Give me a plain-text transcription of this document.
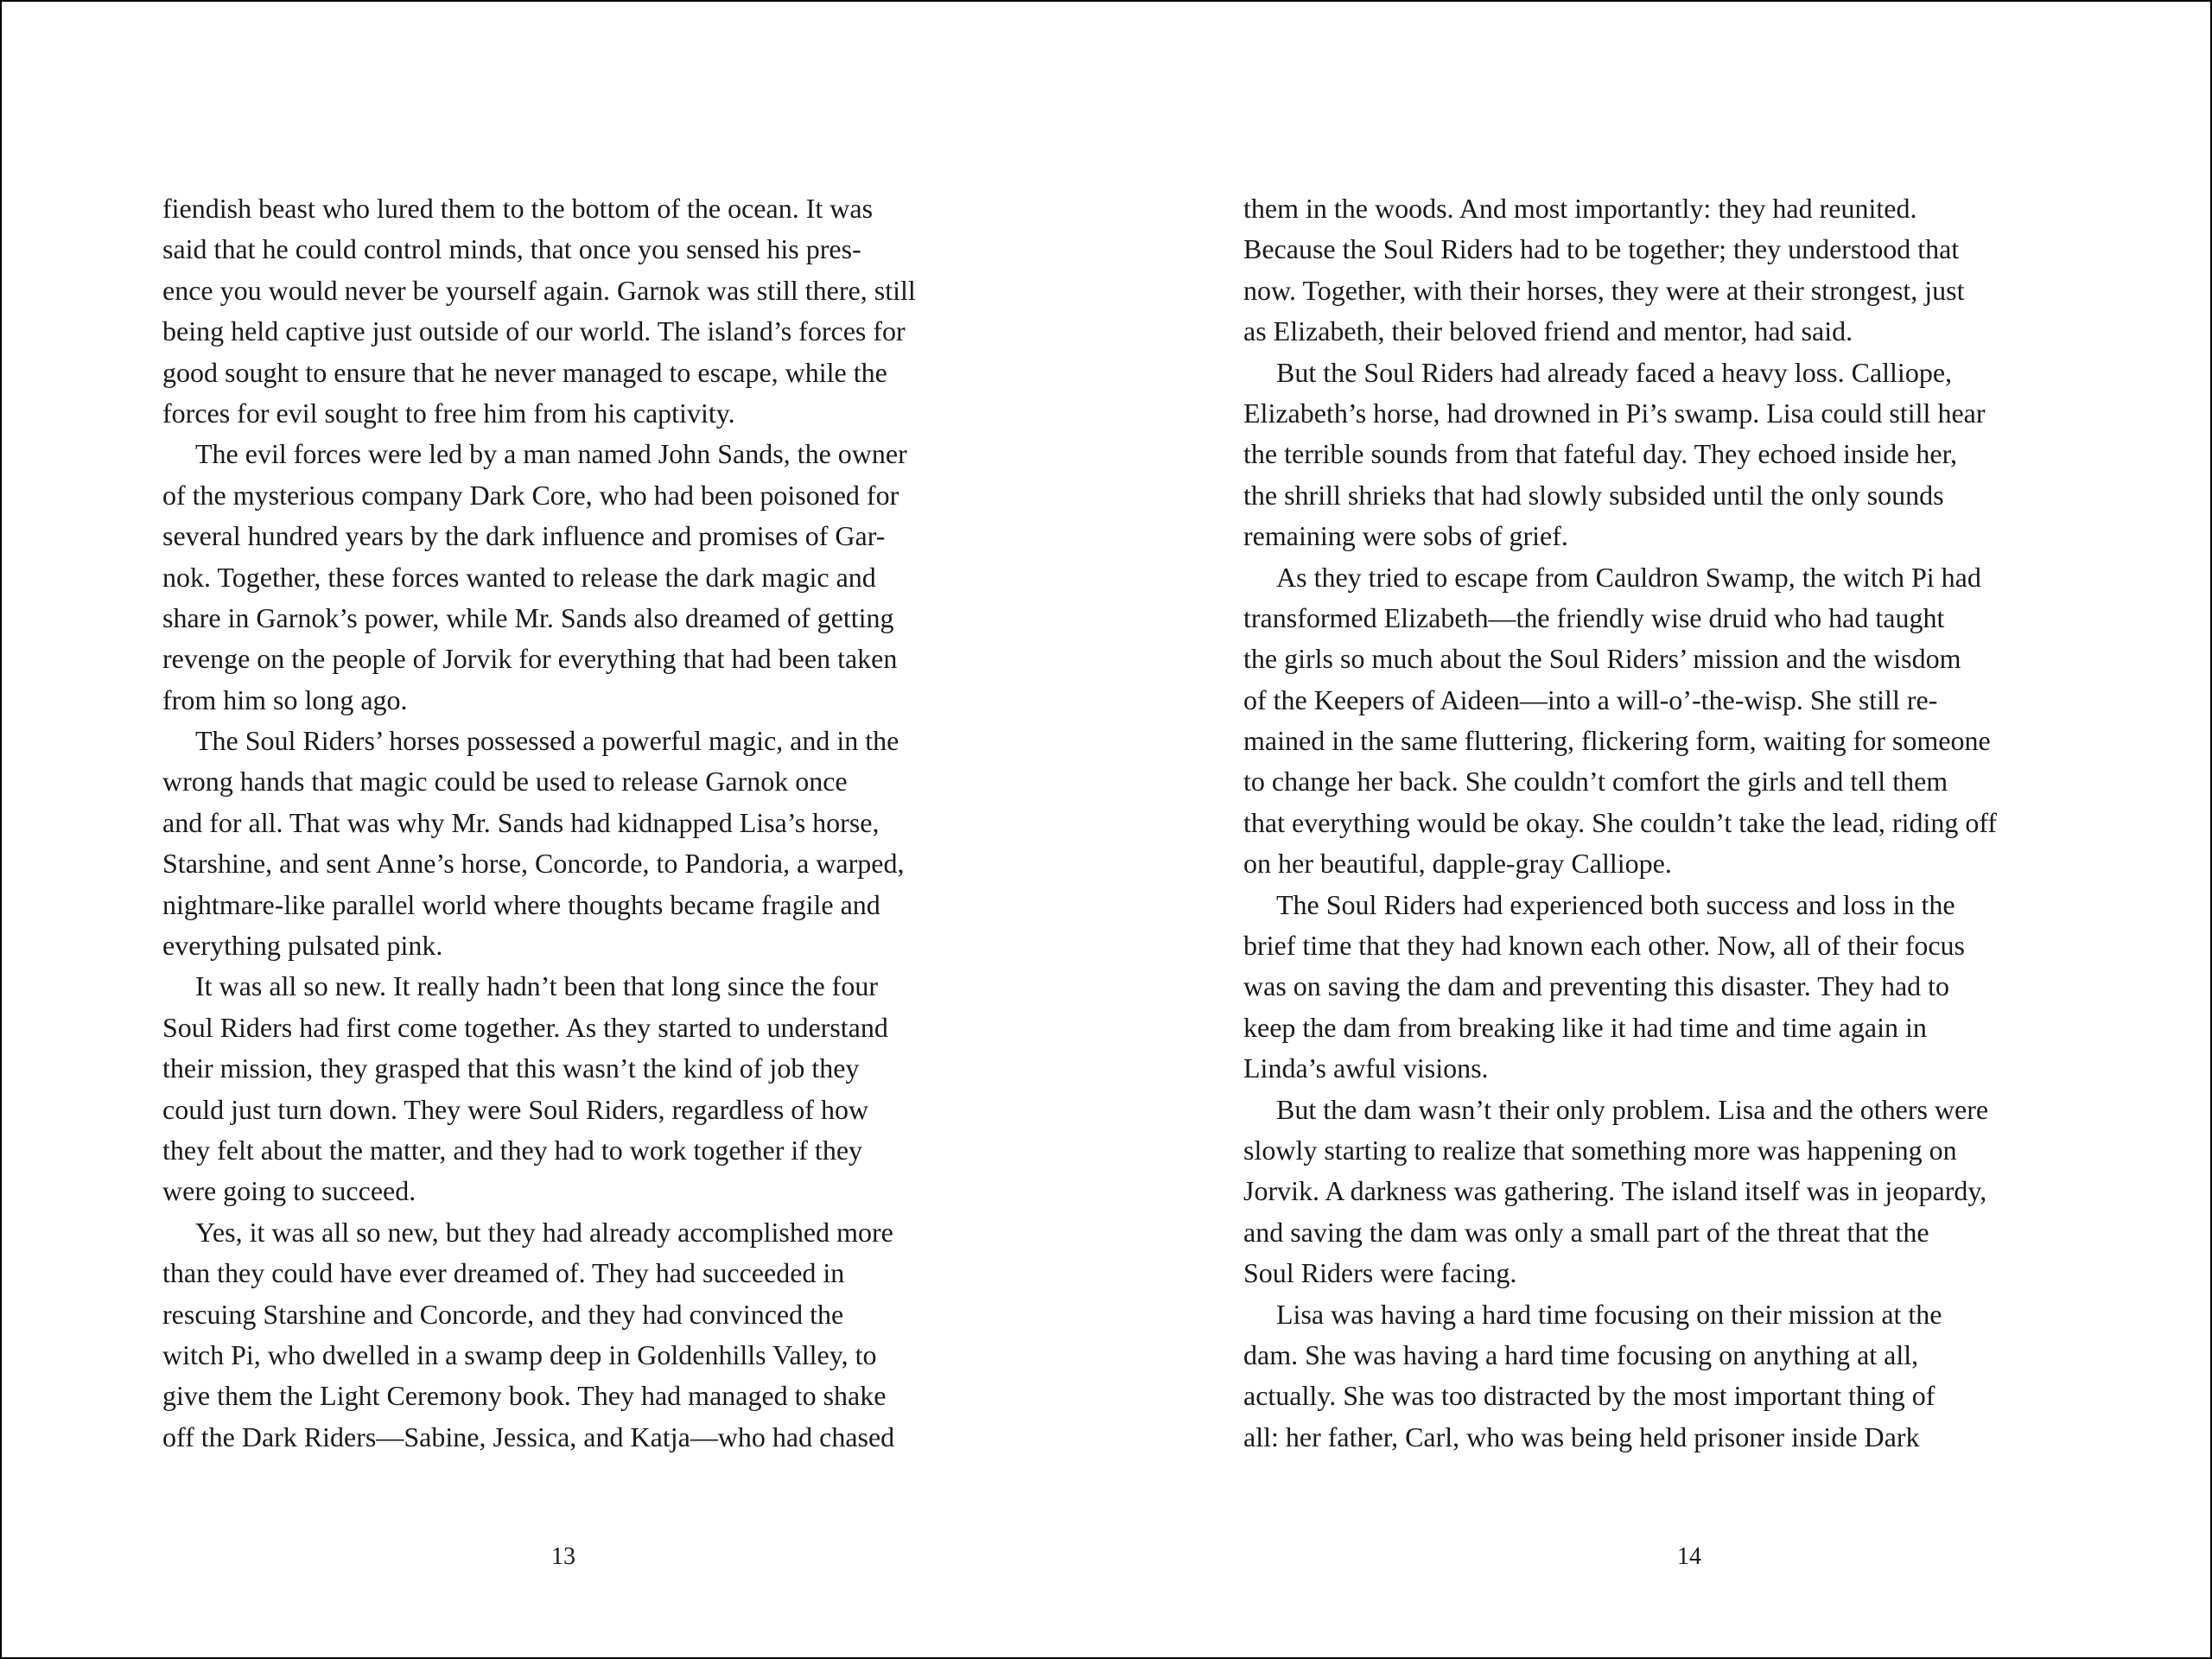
fiendish beast who lured them to the bottom of the ocean. It was
said that he could control minds, that once you sensed his pres-
ence you would never be yourself again. Garnok was still there, still
being held captive just outside of our world. The island’s forces for
good sought to ensure that he never managed to escape, while the
forces for evil sought to free him from his captivity.
The evil forces were led by a man named John Sands, the owner
of the mysterious company Dark Core, who had been poisoned for
several hundred years by the dark influence and promises of Gar-
nok. Together, these forces wanted to release the dark magic and
share in Garnok’s power, while Mr. Sands also dreamed of getting
revenge on the people of Jorvik for everything that had been taken
from him so long ago.
The Soul Riders’ horses possessed a powerful magic, and in the
wrong hands that magic could be used to release Garnok once
and for all. That was why Mr. Sands had kidnapped Lisa’s horse,
Starshine, and sent Anne’s horse, Concorde, to Pandoria, a warped,
nightmare-like parallel world where thoughts became fragile and
everything pulsated pink.
It was all so new. It really hadn’t been that long since the four
Soul Riders had first come together. As they started to understand
their mission, they grasped that this wasn’t the kind of job they
could just turn down. They were Soul Riders, regardless of how
they felt about the matter, and they had to work together if they
were going to succeed.
Yes, it was all so new, but they had already accomplished more
than they could have ever dreamed of. They had succeeded in
rescuing Starshine and Concorde, and they had convinced the
witch Pi, who dwelled in a swamp deep in Goldenhills Valley, to
give them the Light Ceremony book. They had managed to shake
off the Dark Riders—Sabine, Jessica, and Katja—who had chased
13
them in the woods. And most importantly: they had reunited.
Because the Soul Riders had to be together; they understood that
now. Together, with their horses, they were at their strongest, just
as Elizabeth, their beloved friend and mentor, had said.
But the Soul Riders had already faced a heavy loss. Calliope,
Elizabeth’s horse, had drowned in Pi’s swamp. Lisa could still hear
the terrible sounds from that fateful day. They echoed inside her,
the shrill shrieks that had slowly subsided until the only sounds
remaining were sobs of grief.
As they tried to escape from Cauldron Swamp, the witch Pi had
transformed Elizabeth—the friendly wise druid who had taught
the girls so much about the Soul Riders’ mission and the wisdom
of the Keepers of Aideen—into a will-o’-the-wisp. She still re-
mained in the same fluttering, flickering form, waiting for someone
to change her back. She couldn’t comfort the girls and tell them
that everything would be okay. She couldn’t take the lead, riding off
on her beautiful, dapple-gray Calliope.
The Soul Riders had experienced both success and loss in the
brief time that they had known each other. Now, all of their focus
was on saving the dam and preventing this disaster. They had to
keep the dam from breaking like it had time and time again in
Linda’s awful visions.
But the dam wasn’t their only problem. Lisa and the others were
slowly starting to realize that something more was happening on
Jorvik. A darkness was gathering. The island itself was in jeopardy,
and saving the dam was only a small part of the threat that the
Soul Riders were facing.
Lisa was having a hard time focusing on their mission at the
dam. She was having a hard time focusing on anything at all,
actually. She was too distracted by the most important thing of
all: her father, Carl, who was being held prisoner inside Dark
14
